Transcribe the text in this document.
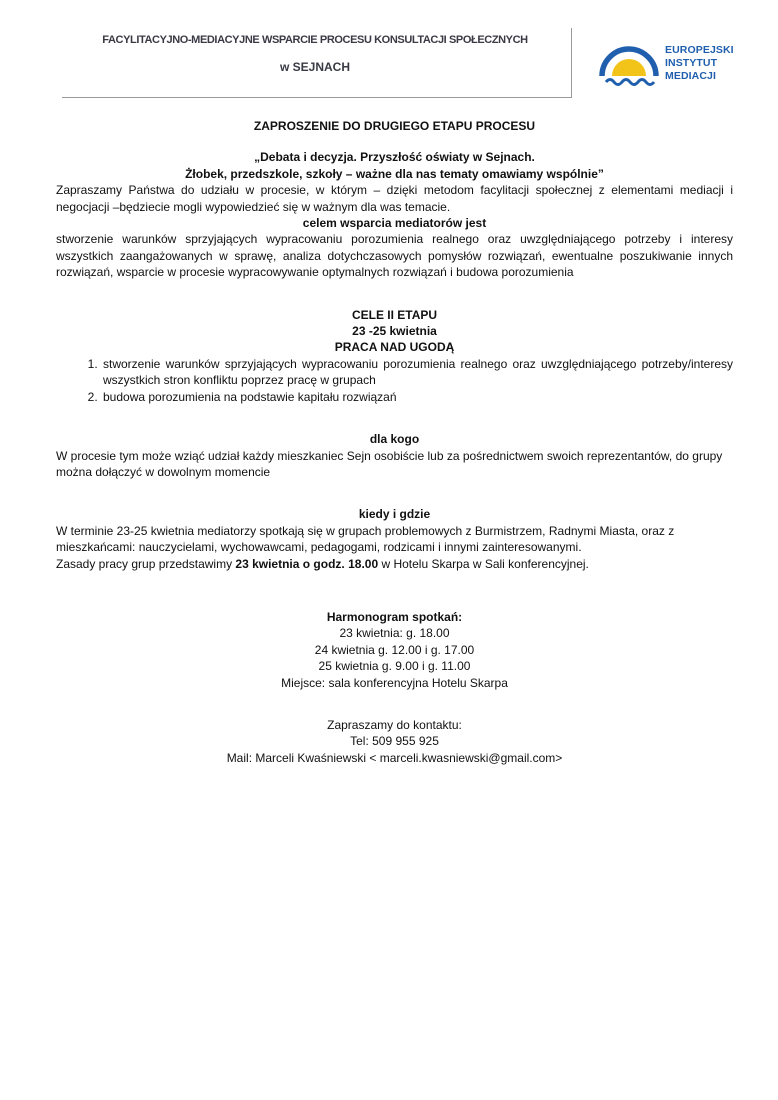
FACYLITACYJNO-MEDIACYJNE WSPARCIE PROCESU KONSULTACJI SPOŁECZNYCH
w SEJNACH
EUROPEJSKI
INSTYTUT
MEDIACJI

ZAPROSZENIE DO DRUGIEGO ETAPU PROCESU

„Debata i decyzja. Przyszłość oświaty w Sejnach.

Żłobek, przedszkole, szkoły – ważne dla nas tematy omawiamy wspólnie”

Zapraszamy Państwa do udziału w procesie, w którym – dzięki metodom facylitacji społecznej z elementami mediacji i negocjacji –będziecie mogli wypowiedzieć się w ważnym dla was temacie.

celem wsparcia mediatorów jest

stworzenie warunków sprzyjających wypracowaniu porozumienia realnego oraz uwzględniającego potrzeby i interesy wszystkich zaangażowanych w sprawę, analiza dotychczasowych pomysłów rozwiązań, ewentualne poszukiwanie innych rozwiązań, wsparcie w procesie wypracowywanie optymalnych rozwiązań i budowa porozumienia

CELE II ETAPU

23 -25 kwietnia

PRACA NAD UGODĄ

1. stworzenie warunków sprzyjających wypracowaniu porozumienia realnego oraz uwzględniającego potrzeby/interesy wszystkich stron konfliktu poprzez pracę w grupach
2. budowa porozumienia na podstawie kapitału rozwiązań

dla kogo

W procesie tym może wziąć udział każdy mieszkaniec Sejn osobiście lub za pośrednictwem swoich reprezentantów, do grupy można dołączyć w dowolnym momencie

kiedy i gdzie

W terminie 23-25 kwietnia mediatorzy spotkają się w grupach problemowych z Burmistrzem, Radnymi Miasta, oraz z mieszkańcami: nauczycielami, wychowawcami, pedagogami, rodzicami i innymi zainteresowanymi.

Zasady pracy grup przedstawimy 23 kwietnia o godz. 18.00 w Hotelu Skarpa w Sali konferencyjnej.

Harmonogram spotkań:

23 kwietnia: g. 18.00

24 kwietnia g. 12.00 i g. 17.00

25 kwietnia g. 9.00 i g. 11.00

Miejsce: sala konferencyjna Hotelu Skarpa

Zapraszamy do kontaktu:

Tel: 509 955 925

Mail: Marceli Kwaśniewski < marceli.kwasniewski@gmail.com>
